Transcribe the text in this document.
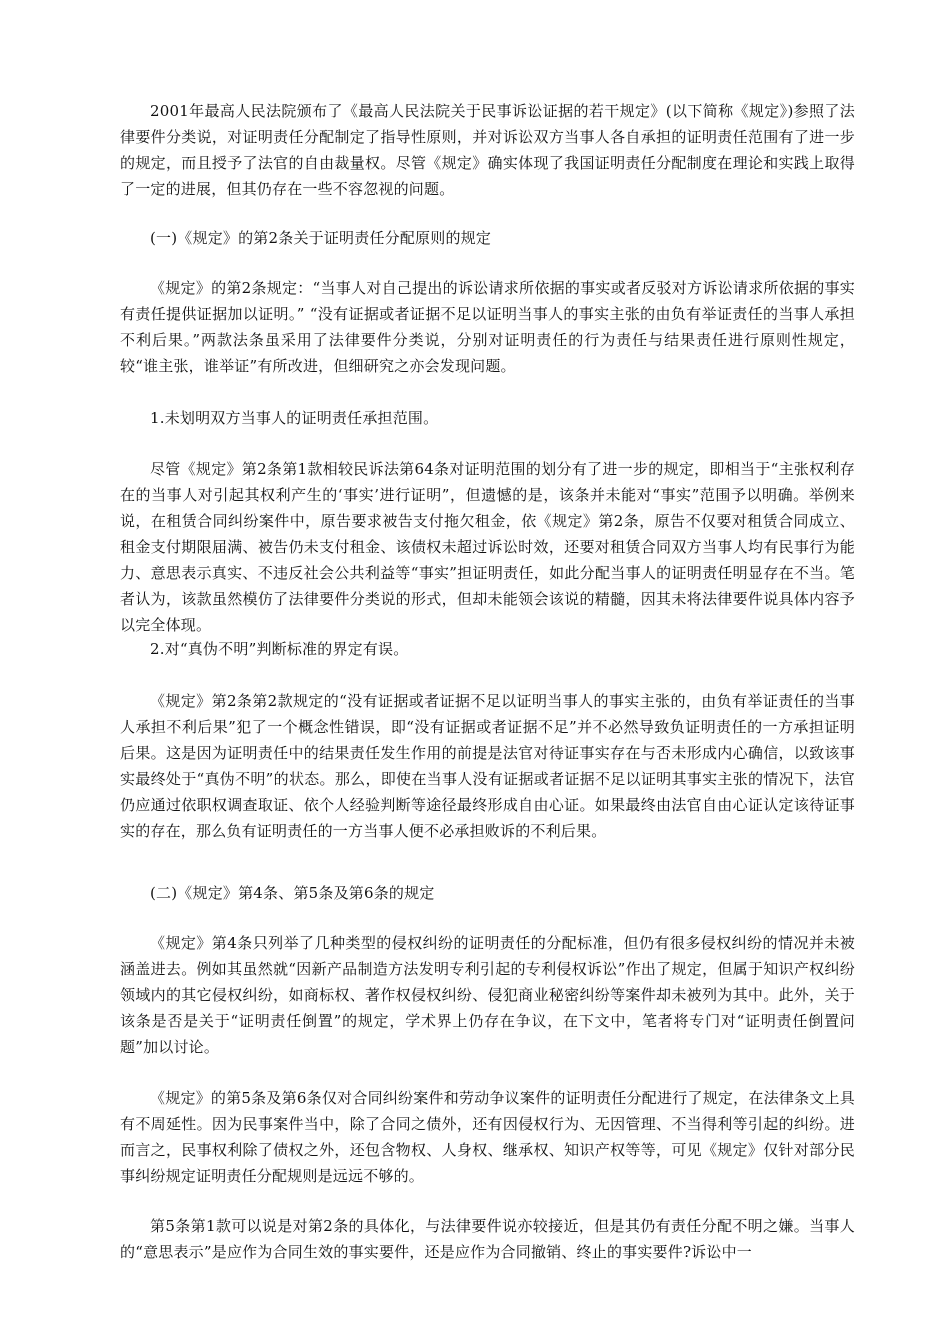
2001年最高人民法院颁布了《最高人民法院关于民事诉讼证据的若干规定》(以下简称《规定》)参照了法律要件分类说，对证明责任分配制定了指导性原则，并对诉讼双方当事人各自承担的证明责任范围有了进一步的规定，而且授予了法官的自由裁量权。尽管《规定》确实体现了我国证明责任分配制度在理论和实践上取得了一定的进展，但其仍存在一些不容忽视的问题。

(一)《规定》的第2条关于证明责任分配原则的规定

《规定》的第2条规定：“当事人对自己提出的诉讼请求所依据的事实或者反驳对方诉讼请求所依据的事实有责任提供证据加以证明。” “没有证据或者证据不足以证明当事人的事实主张的由负有举证责任的当事人承担不利后果。”两款法条虽采用了法律要件分类说，分别对证明责任的行为责任与结果责任进行原则性规定，较“谁主张，谁举证”有所改进，但细研究之亦会发现问题。

1.未划明双方当事人的证明责任承担范围。

尽管《规定》第2条第1款相较民诉法第64条对证明范围的划分有了进一步的规定，即相当于“主张权利存在的当事人对引起其权利产生的‘事实’进行证明”，但遗憾的是，该条并未能对“事实”范围予以明确。举例来说，在租赁合同纠纷案件中，原告要求被告支付拖欠租金，依《规定》第2条，原告不仅要对租赁合同成立、租金支付期限届满、被告仍未支付租金、该债权未超过诉讼时效，还要对租赁合同双方当事人均有民事行为能力、意思表示真实、不违反社会公共利益等“事实”担证明责任，如此分配当事人的证明责任明显存在不当。笔者认为，该款虽然模仿了法律要件分类说的形式，但却未能领会该说的精髓，因其未将法律要件说具体内容予以完全体现。

2.对“真伪不明”判断标准的界定有误。

《规定》第2条第2款规定的“没有证据或者证据不足以证明当事人的事实主张的，由负有举证责任的当事人承担不利后果”犯了一个概念性错误，即“没有证据或者证据不足”并不必然导致负证明责任的一方承担证明后果。这是因为证明责任中的结果责任发生作用的前提是法官对待证事实存在与否未形成内心确信，以致该事实最终处于“真伪不明”的状态。那么，即使在当事人没有证据或者证据不足以证明其事实主张的情况下，法官仍应通过依职权调查取证、依个人经验判断等途径最终形成自由心证。如果最终由法官自由心证认定该待证事实的存在，那么负有证明责任的一方当事人便不必承担败诉的不利后果。

(二)《规定》第4条、第5条及第6条的规定

《规定》第4条只列举了几种类型的侵权纠纷的证明责任的分配标准，但仍有很多侵权纠纷的情况并未被涵盖进去。例如其虽然就“因新产品制造方法发明专利引起的专利侵权诉讼”作出了规定，但属于知识产权纠纷领域内的其它侵权纠纷，如商标权、著作权侵权纠纷、侵犯商业秘密纠纷等案件却未被列为其中。此外，关于该条是否是关于“证明责任倒置”的规定，学术界上仍存在争议，在下文中，笔者将专门对“证明责任倒置问题”加以讨论。

《规定》的第5条及第6条仅对合同纠纷案件和劳动争议案件的证明责任分配进行了规定，在法律条文上具有不周延性。因为民事案件当中，除了合同之债外，还有因侵权行为、无因管理、不当得利等引起的纠纷。进而言之，民事权利除了债权之外，还包含物权、人身权、继承权、知识产权等等，可见《规定》仅针对部分民事纠纷规定证明责任分配规则是远远不够的。

第5条第1款可以说是对第2条的具体化，与法律要件说亦较接近，但是其仍有责任分配不明之嫌。当事人的“意思表示”是应作为合同生效的事实要件，还是应作为合同撤销、终止的事实要件?诉讼中一
